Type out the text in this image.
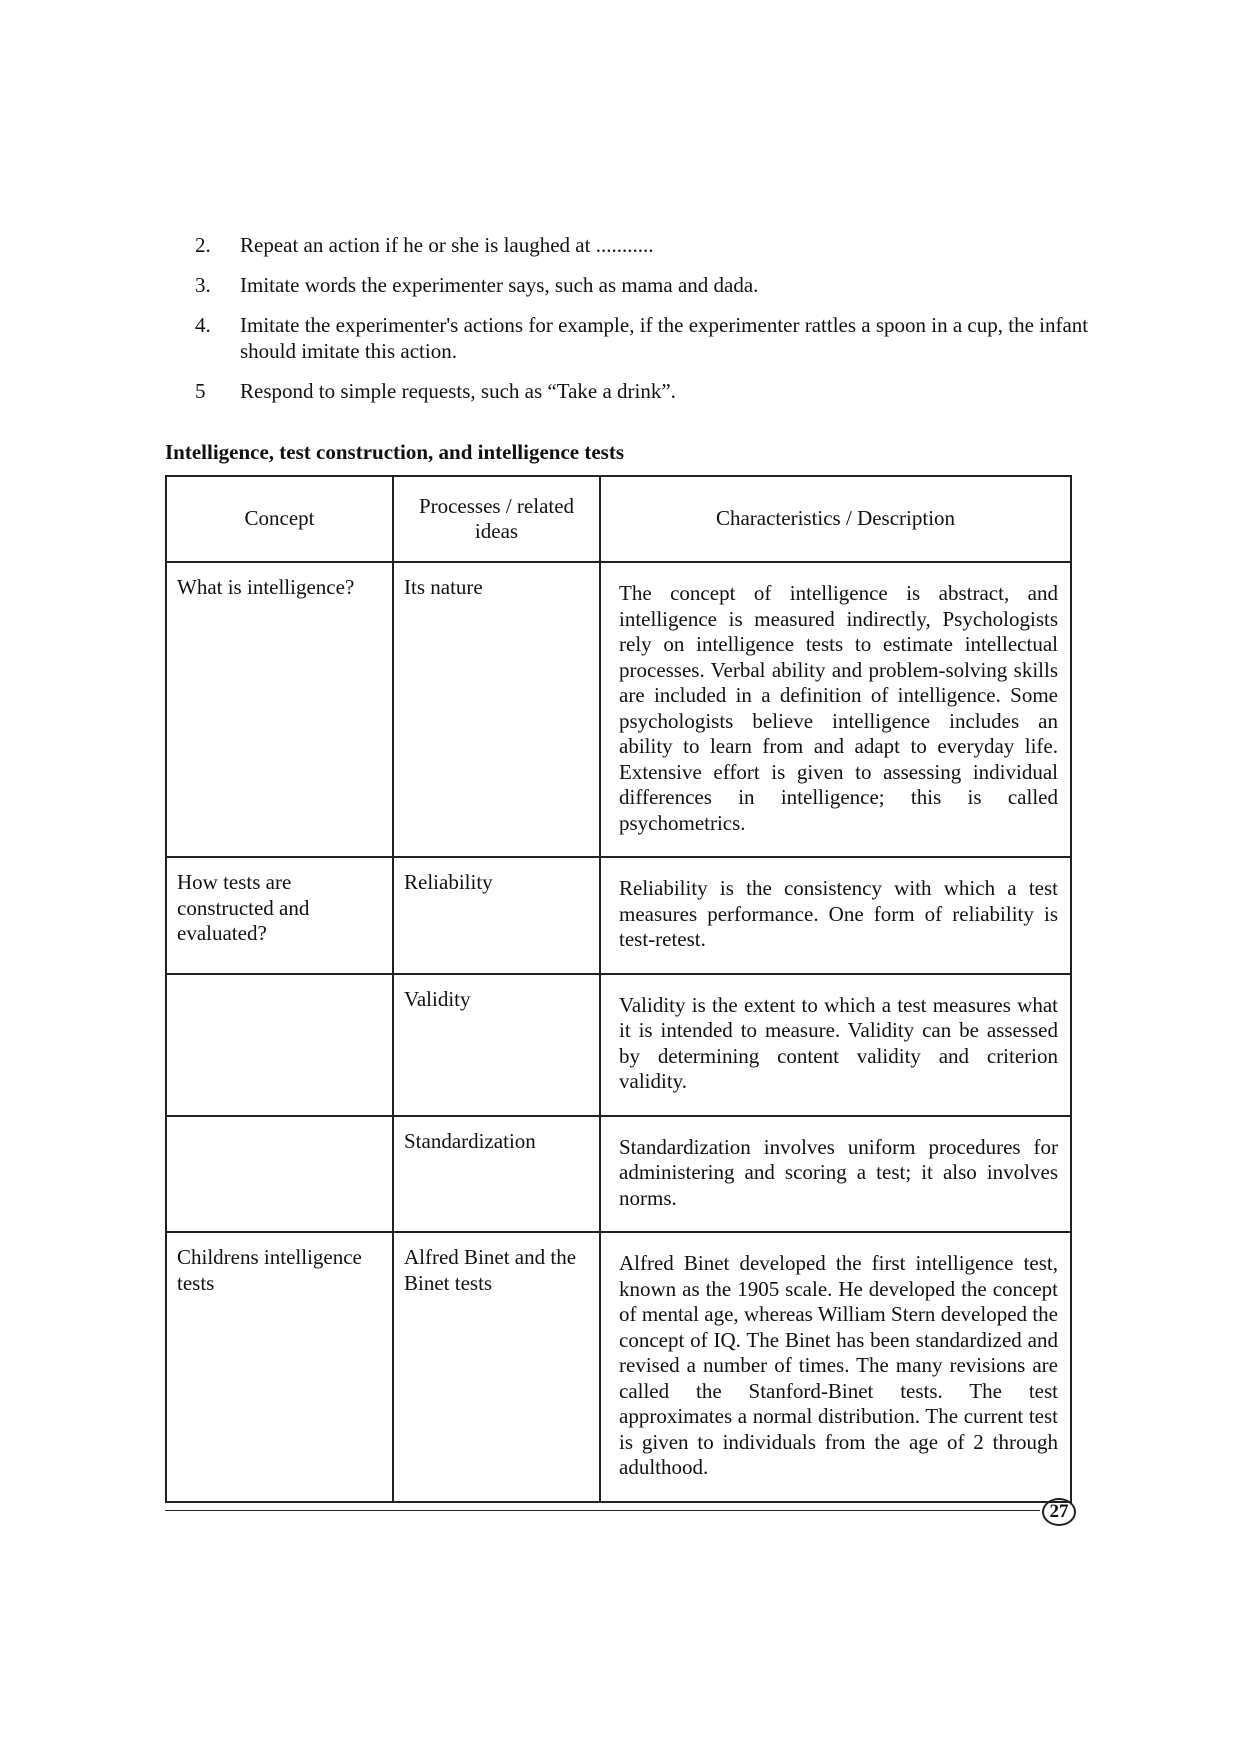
2.	Repeat an action if he or she is laughed at ...........
3.	Imitate words the experimenter says, such as mama and dada.
4.	Imitate the experimenter's actions for example, if the experimenter rattles a spoon in a cup, the infant should imitate this action.
5	Respond to simple requests, such as “Take a drink”.
Intelligence, test construction, and intelligence tests
Concept	Processes / related ideas	Characteristics / Description
What is intelligence?	Its nature	The concept of intelligence is abstract, and intelligence is measured indirectly, Psychologists rely on intelligence tests to estimate intellectual processes. Verbal ability and problem-solving skills are included in a definition of intelligence. Some psychologists believe intelligence includes an ability to learn from and adapt to everyday life. Extensive effort is given to assessing individual differences in intelligence; this is called psychometrics.
How tests are constructed and evaluated?	Reliability	Reliability is the consistency with which a test measures performance. One form of reliability is test-retest.
	Validity	Validity is the extent to which a test measures what it is intended to measure. Validity can be assessed by determining content validity and criterion validity.
	Standardization	Standardization involves uniform procedures for administering and scoring a test; it also involves norms.
Childrens intelligence tests	Alfred Binet and the Binet tests	Alfred Binet developed the first intelligence test, known as the 1905 scale. He developed the concept of mental age, whereas William Stern developed the concept of IQ. The Binet has been standardized and revised a number of times. The many revisions are called the Stanford-Binet tests. The test approximates a normal distribution. The current test is given to individuals from the age of 2 through adulthood.
27
